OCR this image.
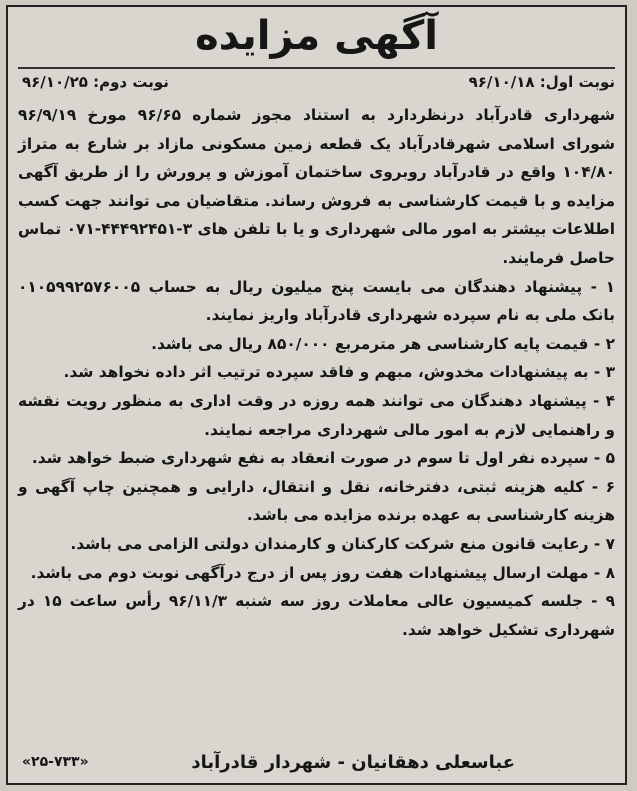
آگهی مزایده
نوبت اول: ۹۶/۱۰/۱۸
نوبت دوم: ۹۶/۱۰/۲۵

شهرداری قادرآباد درنظردارد به استناد مجوز شماره ۹۶/۶۵ مورخ ۹۶/۹/۱۹ شورای اسلامی شهرقادرآباد یک قطعه زمین مسکونی مازاد بر شارع به متراژ ۱۰۴/۸۰ واقع در قادرآباد روبروی ساختمان آموزش و پرورش را از طریق آگهی مزایده و با قیمت کارشناسی به فروش رساند. متقاضیان می توانند جهت کسب اطلاعات بیشتر به امور مالی شهرداری و یا با تلفن های ۳-۴۴۴۹۲۴۵۱-۰۷۱ تماس حاصل فرمایند.

۱ - پیشنهاد دهندگان می بایست پنج میلیون ریال به حساب ۰۱۰۵۹۹۲۵۷۶۰۰۵ بانک ملی به نام سپرده شهرداری قادرآباد واریز نمایند.
۲ - قیمت پایه کارشناسی هر مترمربع ۸۵۰/۰۰۰ ریال می باشد.
۳ - به پیشنهادات مخدوش، مبهم و فاقد سپرده ترتیب اثر داده نخواهد شد.
۴ - پیشنهاد دهندگان می توانند همه روزه در وقت اداری به منظور رویت نقشه و راهنمایی لازم به امور مالی شهرداری مراجعه نمایند.
۵ - سپرده نفر اول تا سوم در صورت انعقاد به نفع شهرداری ضبط خواهد شد.
۶ - کلیه هزینه ثبتی، دفترخانه، نقل و انتقال، دارایی و همچنین چاپ آگهی و هزینه کارشناسی به عهده برنده مزایده می باشد.
۷ - رعایت قانون منع شرکت کارکنان و کارمندان دولتی الزامی می باشد.
۸ - مهلت ارسال پیشنهادات هفت روز پس از درج درآگهی نوبت دوم می باشد.
۹ - جلسه کمیسیون عالی معاملات روز سه شنبه ۹۶/۱۱/۳ رأس ساعت ۱۵ در شهرداری تشکیل خواهد شد.
عباسعلی دهقانیان - شهردار قادرآباد
«۲۵-۷۳۳»
